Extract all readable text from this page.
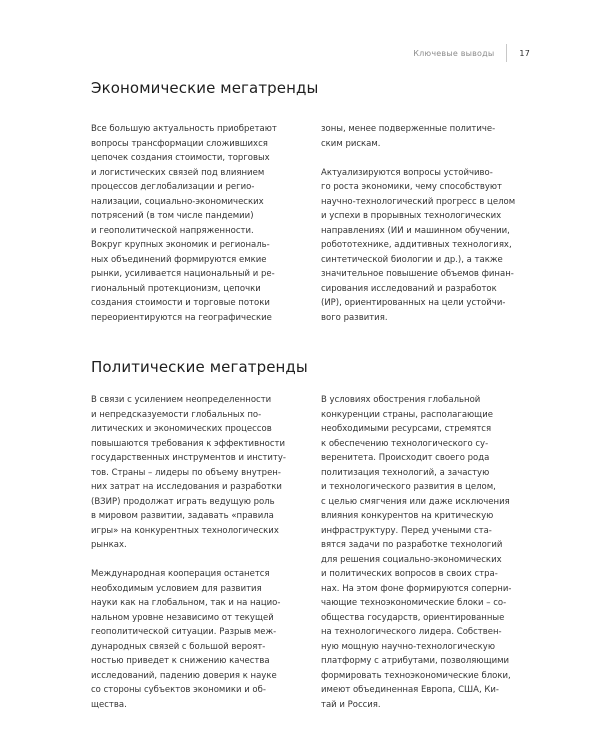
Ключевые выводы	17
Экономические мегатренды

Все большую актуальность приобретают
вопросы трансформации сложившихся
цепочек создания стоимости, торговых
и логистических связей под влиянием
процессов деглобализации и регио-
нализации, социально-экономических
потрясений (в том числе пандемии)
и геополитической напряженности.
Вокруг крупных экономик и региональ-
ных объединений формируются емкие
рынки, усиливается национальный и ре-
гиональный протекционизм, цепочки
создания стоимости и торговые потоки
переориентируются на географические

зоны, менее подверженные политиче-
ским рискам.

Актуализируются вопросы устойчиво-
го роста экономики, чему способствуют
научно-технологический прогресс в целом
и успехи в прорывных технологических
направлениях (ИИ и машинном обучении,
робототехнике, аддитивных технологиях,
синтетической биологии и др.), а также
значительное повышение объемов финан-
сирования исследований и разработок
(ИР), ориентированных на цели устойчи-
вого развития.

Политические мегатренды

В связи с усилением неопределенности
и непредсказуемости глобальных по-
литических и экономических процессов
повышаются требования к эффективности
государственных инструментов и институ-
тов. Страны – лидеры по объему внутрен-
них затрат на исследования и разработки
(ВЗИР) продолжат играть ведущую роль
в мировом развитии, задавать «правила
игры» на конкурентных технологических
рынках.

Международная кооперация останется
необходимым условием для развития
науки как на глобальном, так и на нацио-
нальном уровне независимо от текущей
геополитической ситуации. Разрыв меж-
дународных связей с большой вероят-
ностью приведет к снижению качества
исследований, падению доверия к науке
со стороны субъектов экономики и об-
щества.

В условиях обострения глобальной
конкуренции страны, располагающие
необходимыми ресурсами, стремятся
к обеспечению технологического су-
веренитета. Происходит своего рода
политизация технологий, а зачастую
и технологического развития в целом,
с целью смягчения или даже исключения
влияния конкурентов на критическую
инфраструктуру. Перед учеными ста-
вятся задачи по разработке технологий
для решения социально-экономических
и политических вопросов в своих стра-
нах. На этом фоне формируются соперни-
чающие технoэкономические блоки – со-
общества государств, ориентированные
на технологического лидера. Собствен-
ную мощную научно-технологическую
платформу с атрибутами, позволяющими
формировать технoэкономические блоки,
имеют объединенная Европа, США, Ки-
тай и Россия.
